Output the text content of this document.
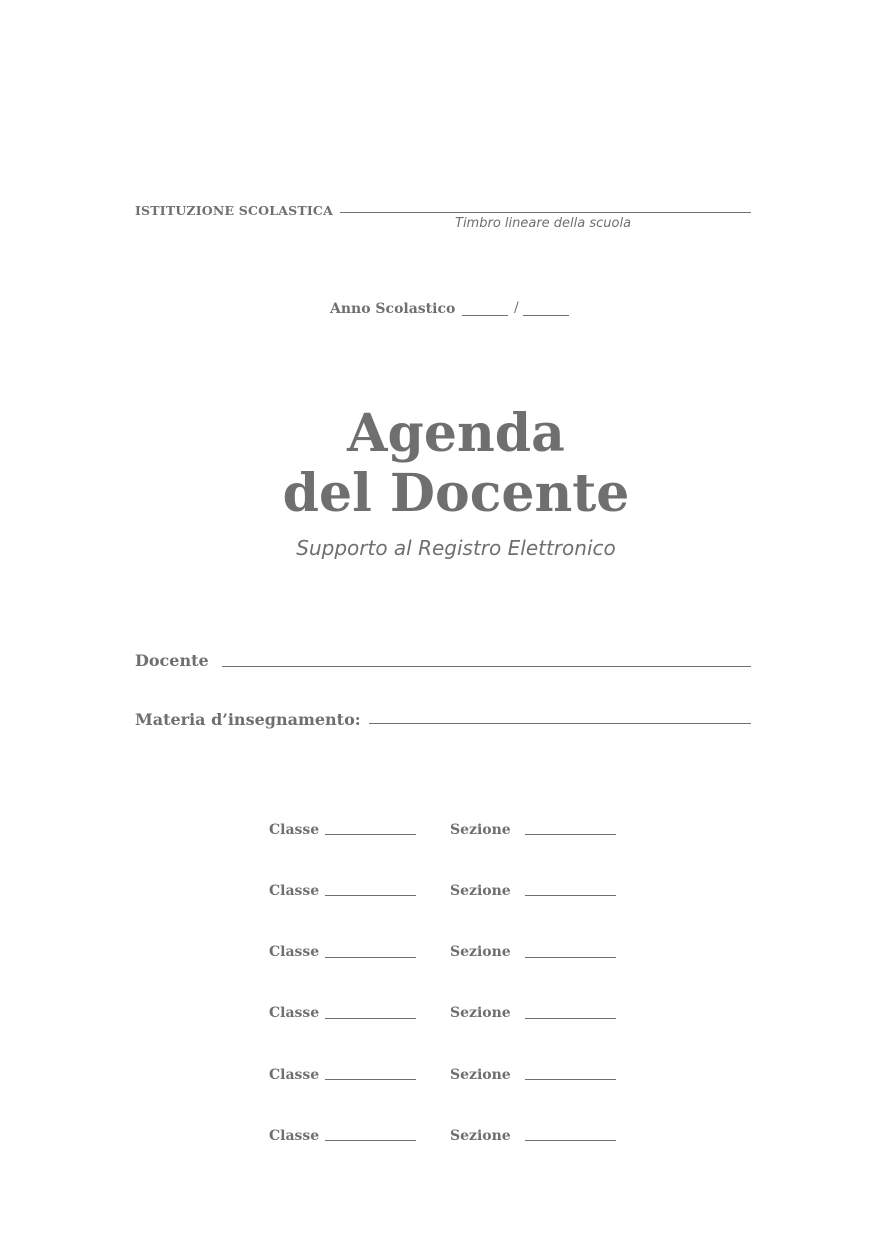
ISTITUZIONE SCOLASTICA
Timbro lineare della scuola
Anno Scolastico	/
Agenda
del Docente
Supporto al Registro Elettronico
Docente
Materia d’insegnamento:
Classe	Sezione
Classe	Sezione
Classe	Sezione
Classe	Sezione
Classe	Sezione
Classe	Sezione
